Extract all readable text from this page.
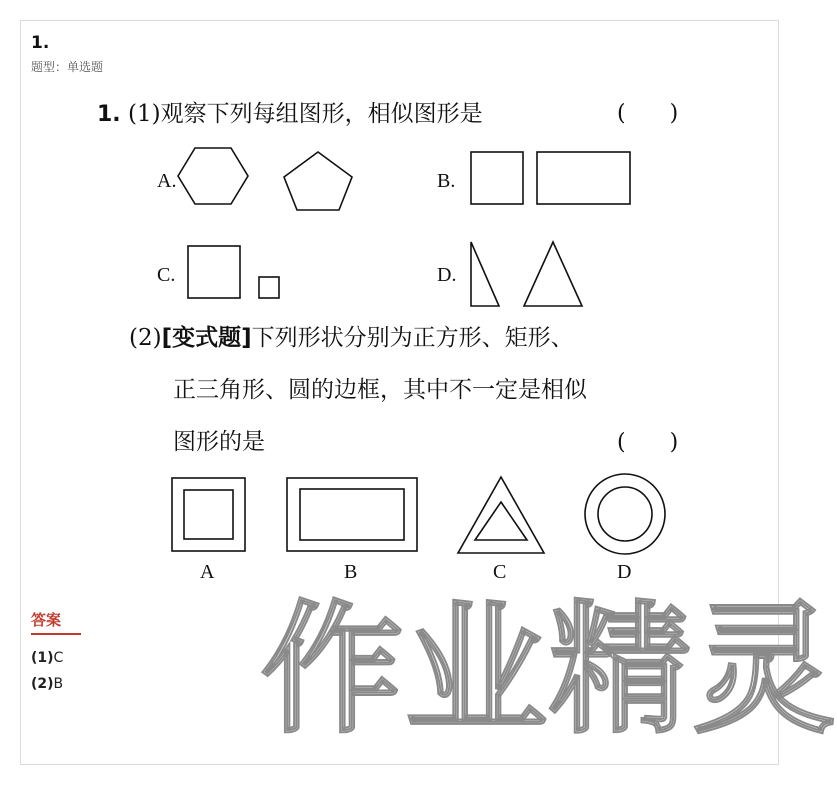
1.
题型：单选题
1. (1)观察下列每组图形，相似图形是	(　　)
A.	B.
C.	D.
(2)[变式题]下列形状分别为正方形、矩形、
正三角形、圆的边框，其中不一定是相似
图形的是	(　　)
A	B	C	D
答案
(1)C
(2)B 作业精灵
